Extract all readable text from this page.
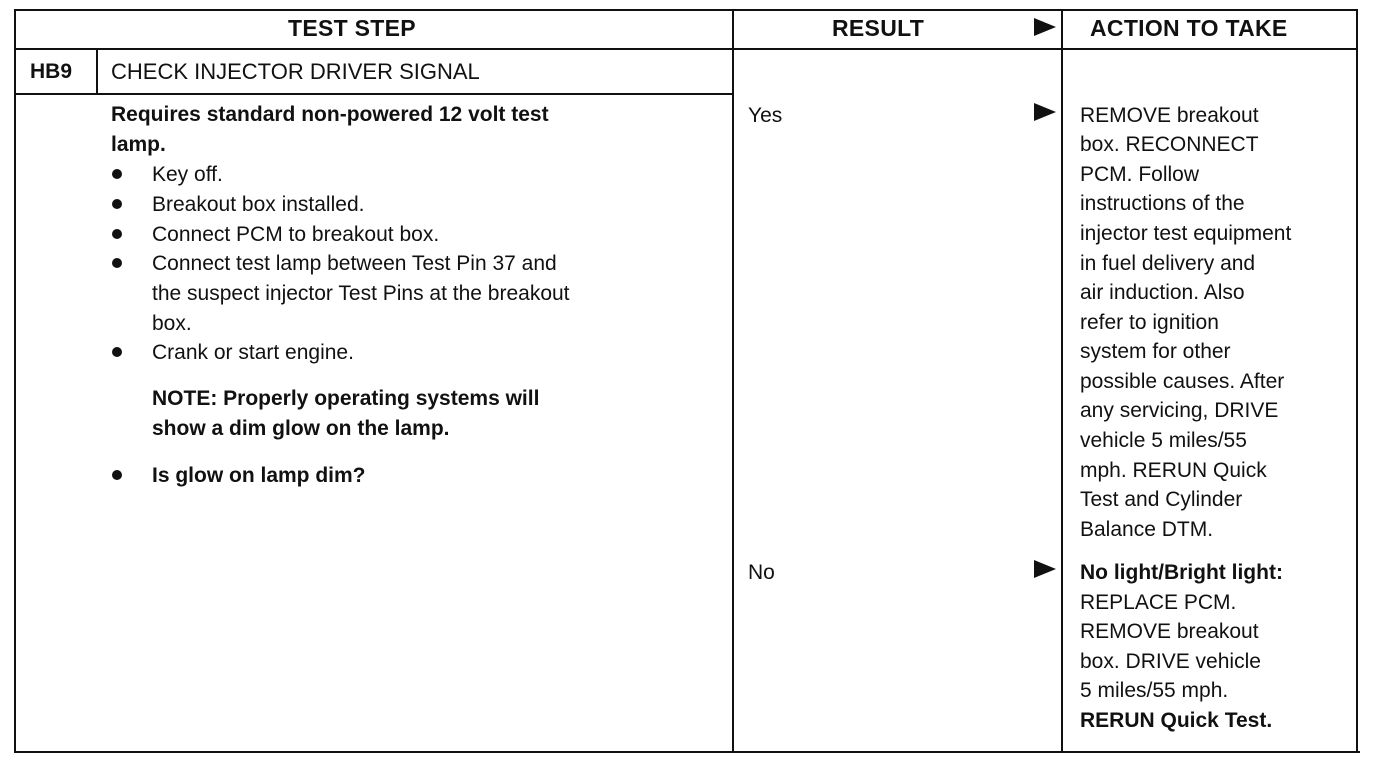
TEST STEP	RESULT	ACTION TO TAKE
HB9 CHECK INJECTOR DRIVER SIGNAL
Requires standard non-powered 12 volt test
lamp.
Key off.
Breakout box installed.
Connect PCM to breakout box.
Connect test lamp between Test Pin 37 and
the suspect injector Test Pins at the breakout
box.
Crank or start engine.
NOTE: Properly operating systems will
show a dim glow on the lamp.
Is glow on lamp dim?
Yes	REMOVE breakout
box. RECONNECT
PCM. Follow
instructions of the
injector test equipment
in fuel delivery and
air induction. Also
refer to ignition
system for other
possible causes. After
any servicing, DRIVE
vehicle 5 miles/55
mph. RERUN Quick
Test and Cylinder
Balance DTM.
No	No light/Bright light:
REPLACE PCM.
REMOVE breakout
box. DRIVE vehicle
5 miles/55 mph.
RERUN Quick Test.
